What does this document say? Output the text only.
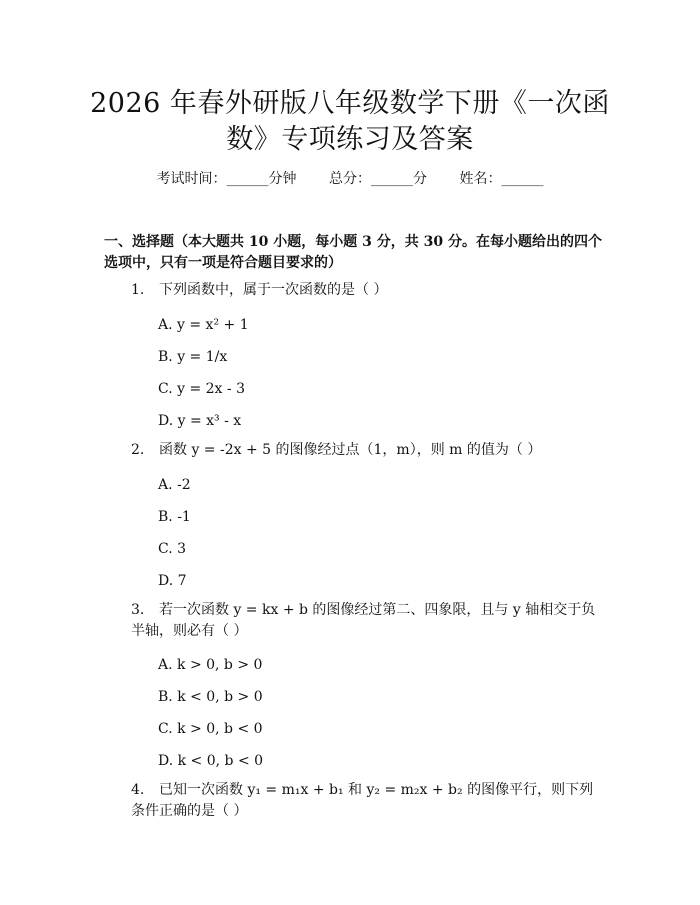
2026 年春外研版八年级数学下册《一次函
数》专项练习及答案
考试时间：______分钟 总分：______分 姓名：______
一、选择题（本大题共 10 小题，每小题 3 分，共 30 分。在每小题给出的四个选项中，只有一项是符合题目要求的）
1. 下列函数中，属于一次函数的是（ ）
A. y = x² + 1
B. y = 1/x
C. y = 2x - 3
D. y = x³ - x
2. 函数 y = -2x + 5 的图像经过点（1，m），则 m 的值为（ ）
A. -2
B. -1
C. 3
D. 7
3. 若一次函数 y = kx + b 的图像经过第二、四象限，且与 y 轴相交于负半轴，则必有（ ）
A. k > 0, b > 0
B. k < 0, b > 0
C. k > 0, b < 0
D. k < 0, b < 0
4. 已知一次函数 y₁ = m₁x + b₁ 和 y₂ = m₂x + b₂ 的图像平行，则下列条件正确的是（ ）
